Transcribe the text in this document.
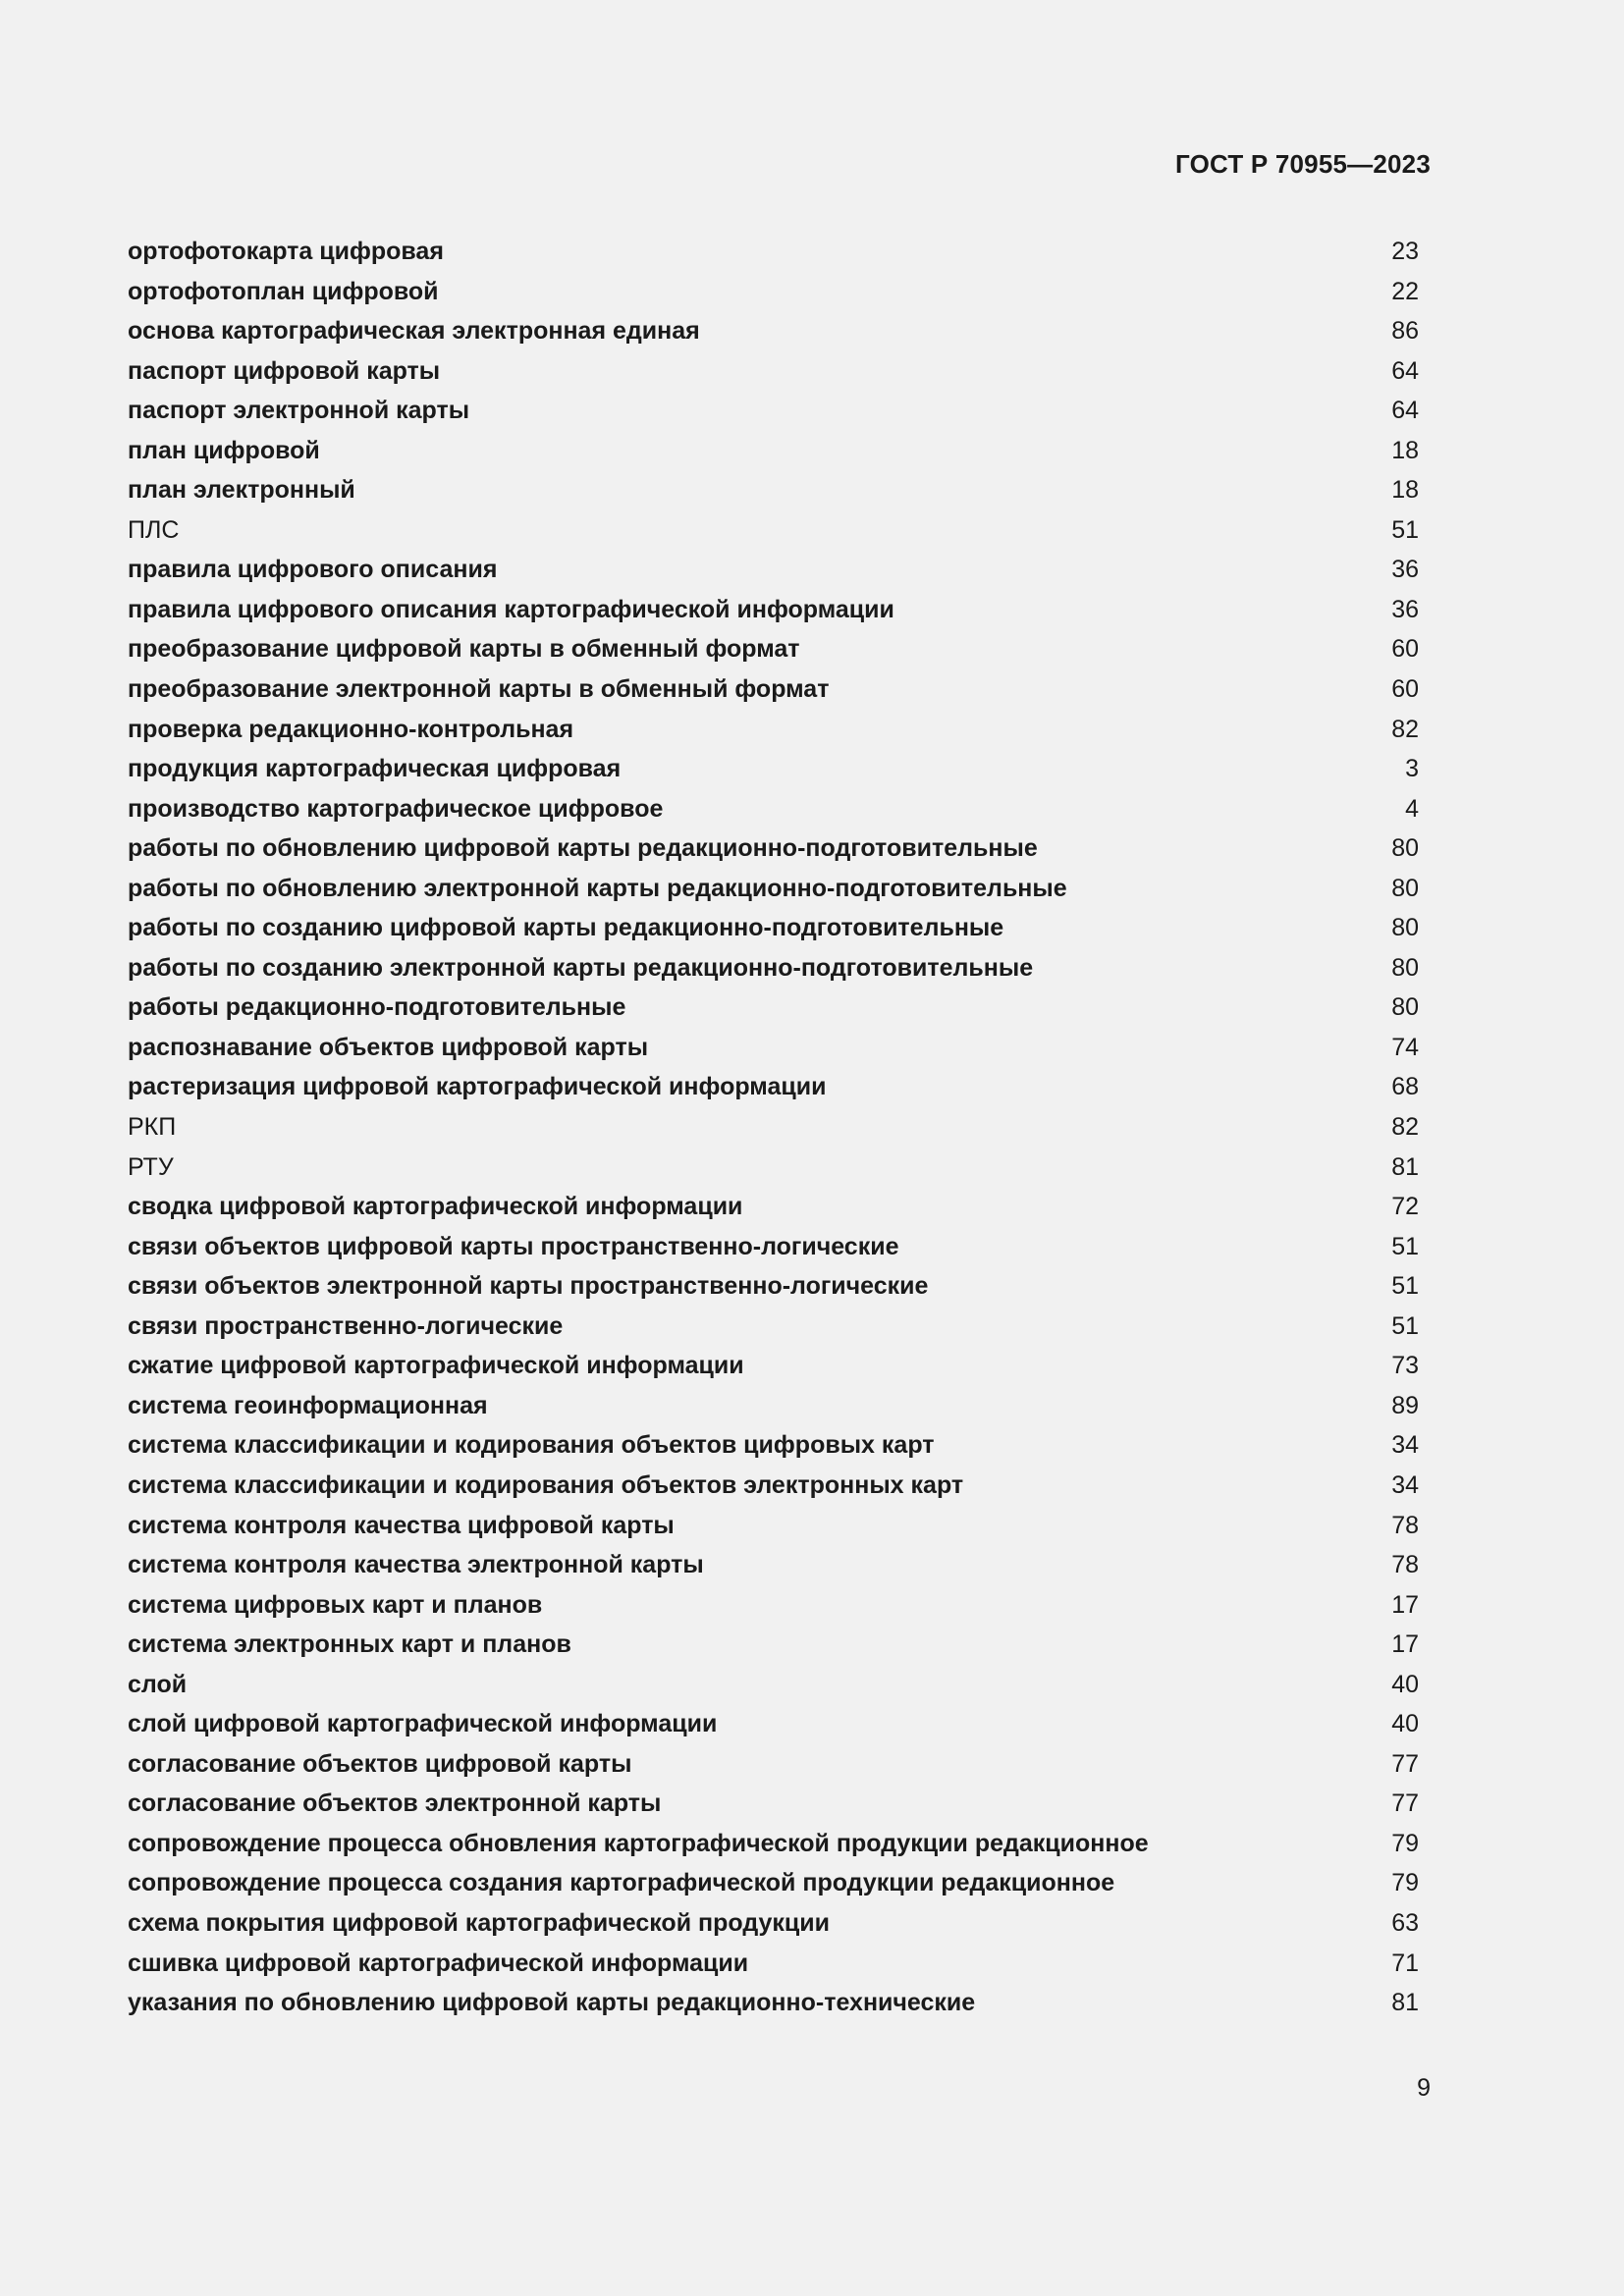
ГОСТ Р 70955—2023
ортофотокарта цифровая	23
ортофотоплан цифровой	22
основа картографическая электронная единая	86
паспорт цифровой карты	64
паспорт электронной карты	64
план цифровой	18
план электронный	18
ПЛС	51
правила цифрового описания	36
правила цифрового описания картографической информации	36
преобразование цифровой карты в обменный формат	60
преобразование электронной карты в обменный формат	60
проверка редакционно-контрольная	82
продукция картографическая цифровая	3
производство картографическое цифровое	4
работы по обновлению цифровой карты редакционно-подготовительные	80
работы по обновлению электронной карты редакционно-подготовительные	80
работы по созданию цифровой карты редакционно-подготовительные	80
работы по созданию электронной карты редакционно-подготовительные	80
работы редакционно-подготовительные	80
распознавание объектов цифровой карты	74
растеризация цифровой картографической информации	68
РКП	82
РТУ	81
сводка цифровой картографической информации	72
связи объектов цифровой карты пространственно-логические	51
связи объектов электронной карты пространственно-логические	51
связи пространственно-логические	51
сжатие цифровой картографической информации	73
система геоинформационная	89
система классификации и кодирования объектов цифровых карт	34
система классификации и кодирования объектов электронных карт	34
система контроля качества цифровой карты	78
система контроля качества электронной карты	78
система цифровых карт и планов	17
система электронных карт и планов	17
слой	40
слой цифровой картографической информации	40
согласование объектов цифровой карты	77
согласование объектов электронной карты	77
сопровождение процесса обновления картографической продукции редакционное	79
сопровождение процесса создания картографической продукции редакционное	79
схема покрытия цифровой картографической продукции	63
сшивка цифровой картографической информации	71
указания по обновлению цифровой карты редакционно-технические	81
9
